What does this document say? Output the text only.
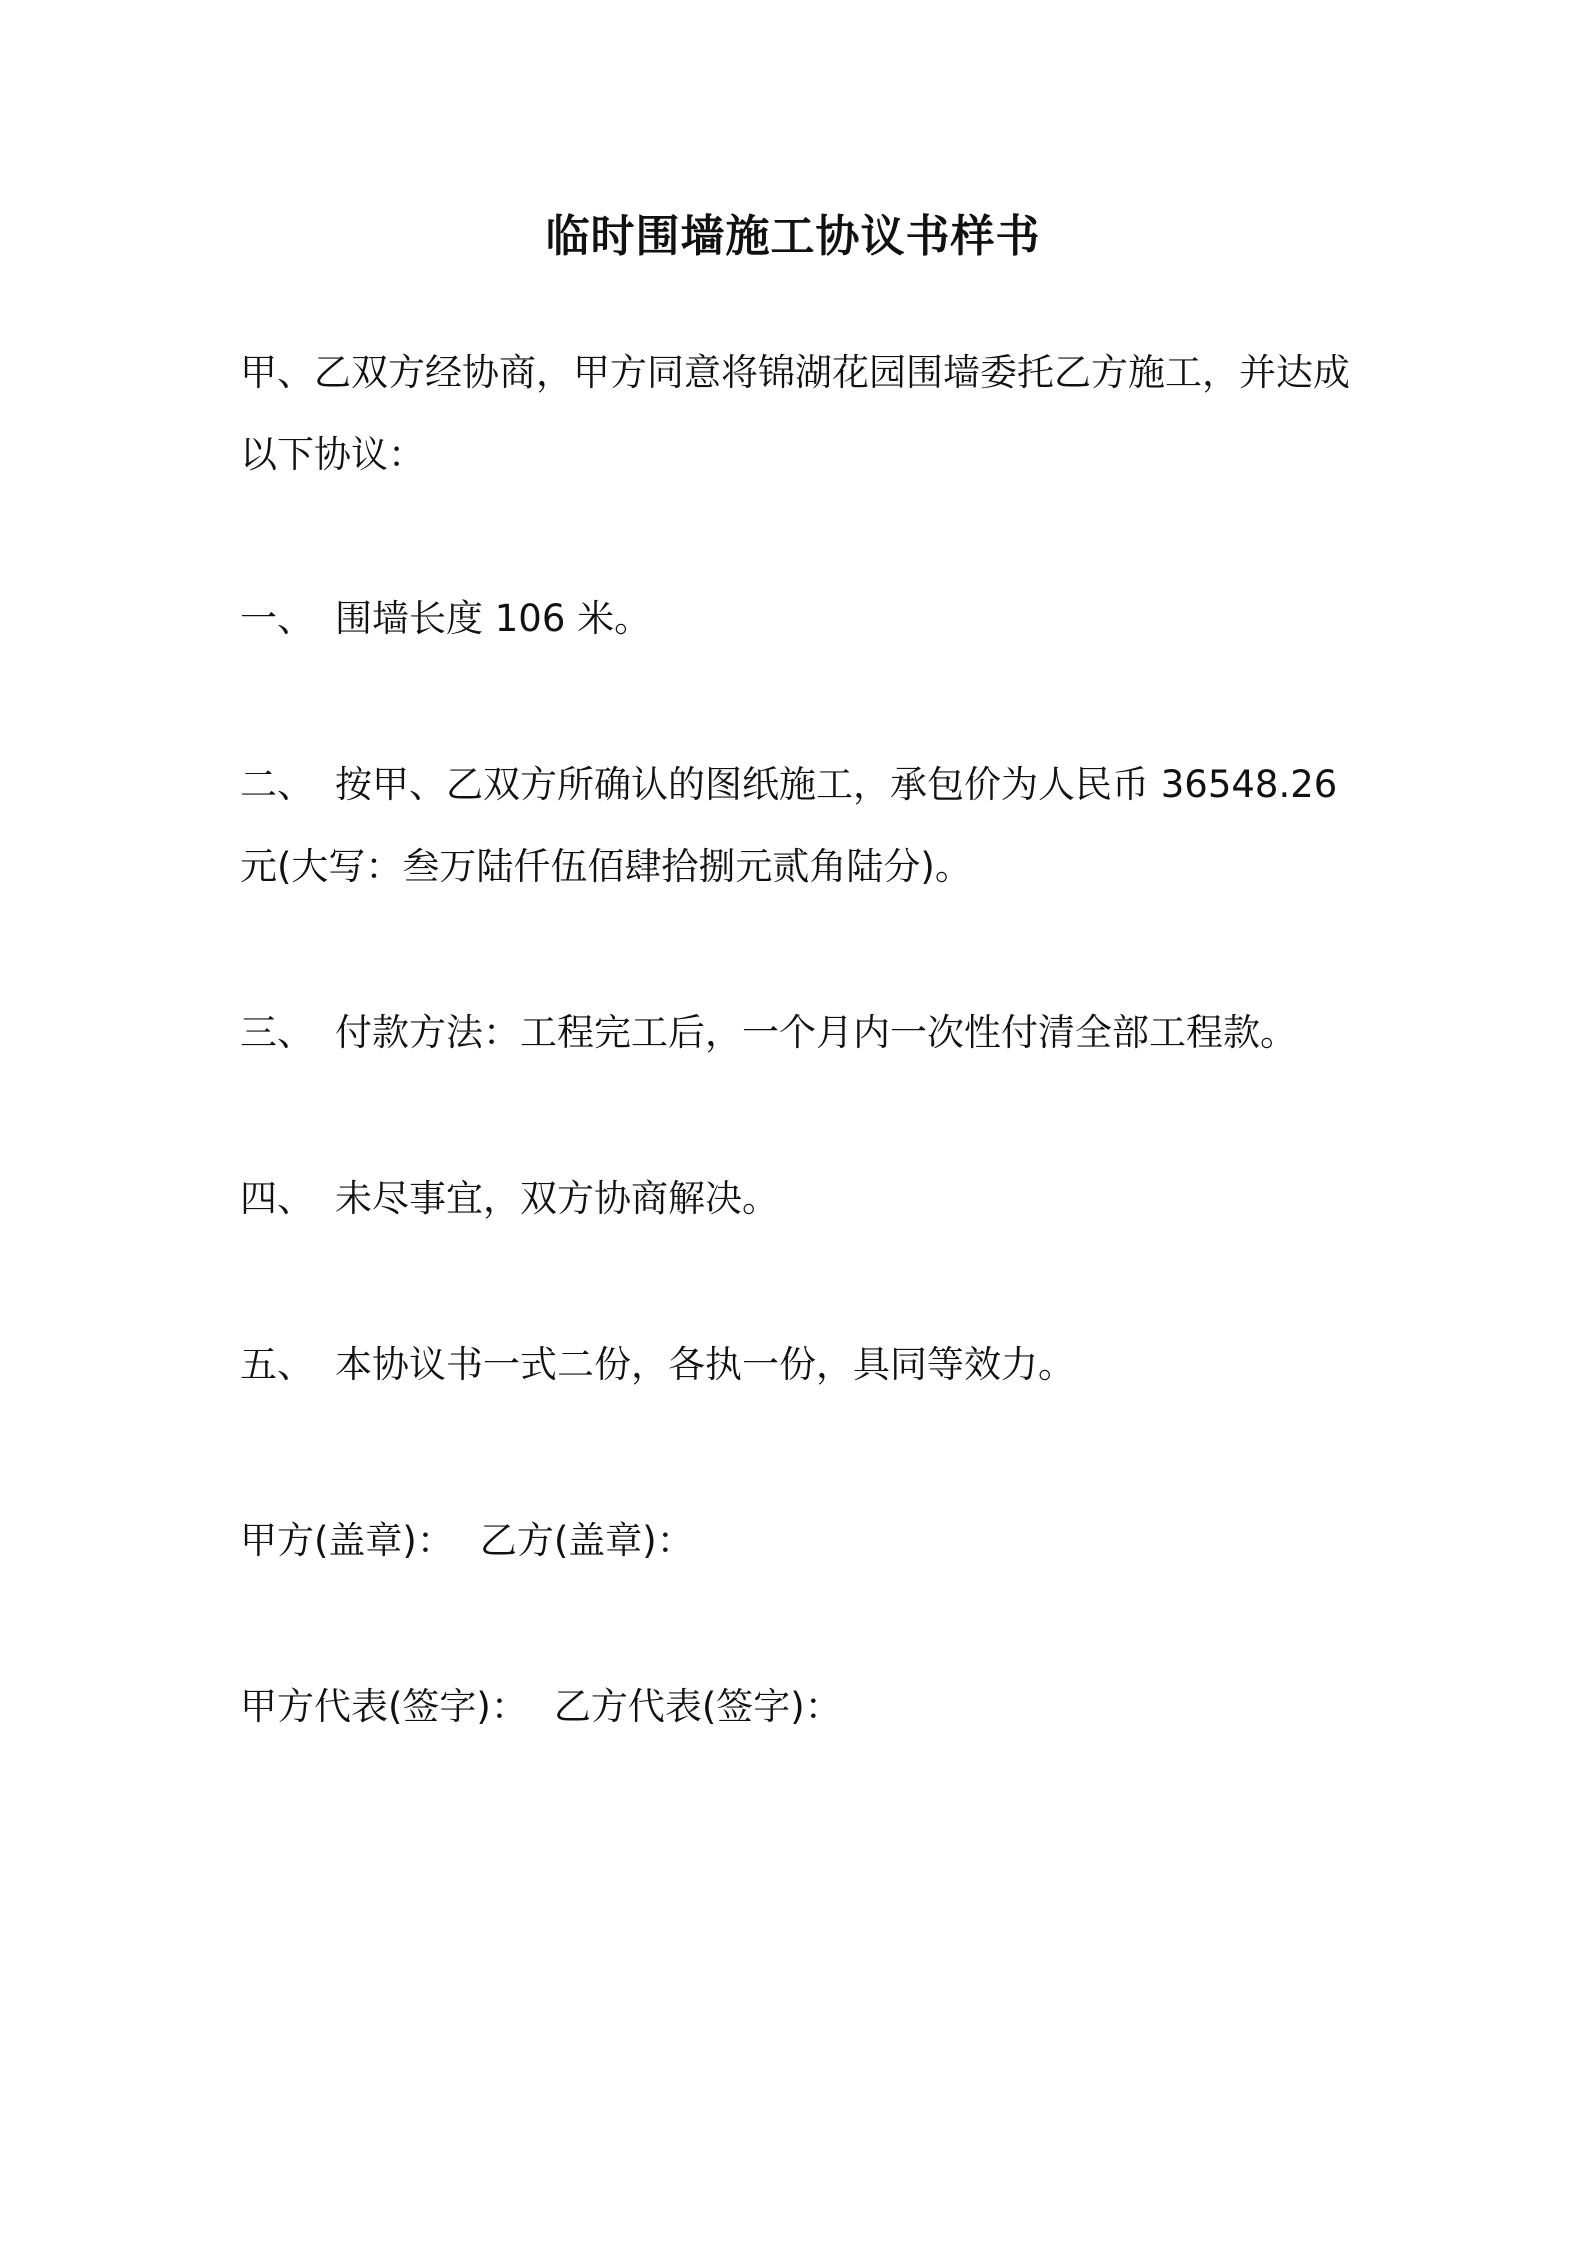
临时围墙施工协议书样书

甲、乙双方经协商，甲方同意将锦湖花园围墙委托乙方施工，并达成以下协议：

一、 围墙长度 106 米。

二、 按甲、乙双方所确认的图纸施工，承包价为人民币 36548.26 元(大写：叁万陆仟伍佰肆拾捌元贰角陆分)。

三、 付款方法：工程完工后，一个月内一次性付清全部工程款。

四、 未尽事宜，双方协商解决。

五、 本协议书一式二份，各执一份，具同等效力。

甲方(盖章)： 乙方(盖章)：

甲方代表(签字)： 乙方代表(签字)：
